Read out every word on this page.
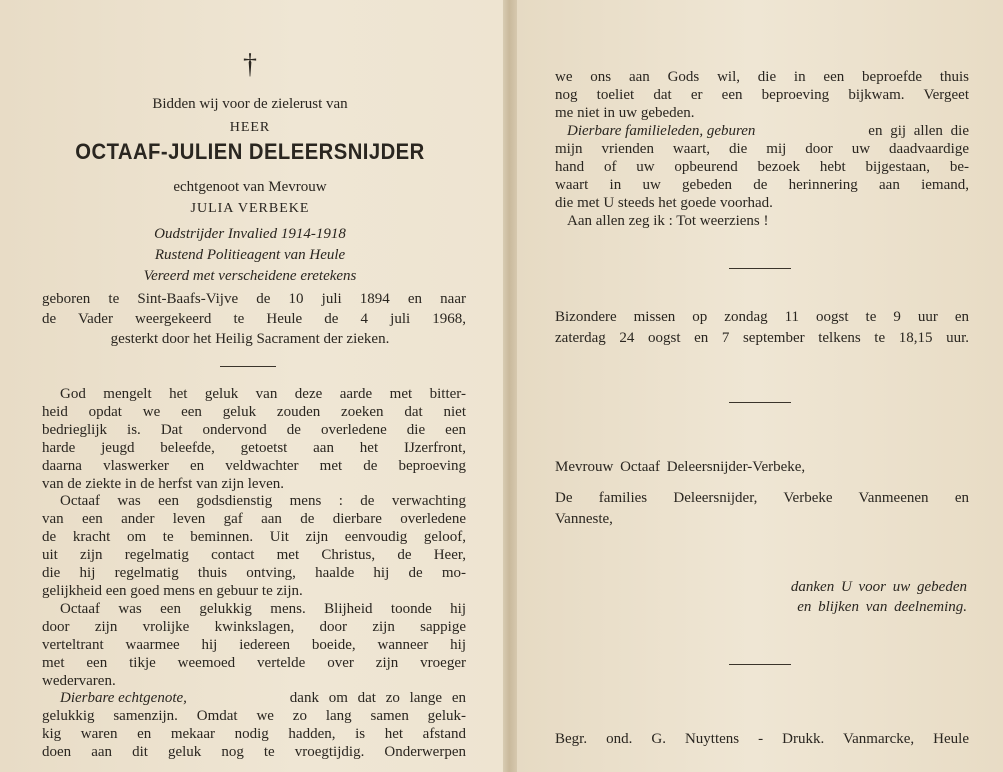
†
Bidden wij voor de zielerust van
HEER
OCTAAF-JULIEN DELEERSNIJDER
echtgenoot van Mevrouw
JULIA VERBEKE
Oudstrijder Invalied 1914-1918
Rustend Politieagent van Heule
Vereerd met verscheidene eretekens
geboren te Sint-Baafs-Vijve de 10 juli 1894 en naar
de Vader weergekeerd te Heule de 4 juli 1968,
gesterkt door het Heilig Sacrament der zieken.
God mengelt het geluk van deze aarde met bitter-
heid opdat we een geluk zouden zoeken dat niet
bedrieglijk is. Dat ondervond de overledene die een
harde jeugd beleefde, getoetst aan het IJzerfront,
daarna vlaswerker en veldwachter met de beproeving
van de ziekte in de herfst van zijn leven.
Octaaf was een godsdienstig mens : de verwachting
van een ander leven gaf aan de dierbare overledene
de kracht om te beminnen. Uit zijn eenvoudig geloof,
uit zijn regelmatig contact met Christus, de Heer,
die hij regelmatig thuis ontving, haalde hij de mo-
gelijkheid een goed mens en gebuur te zijn.
Octaaf was een gelukkig mens. Blijheid toonde hij
door zijn vrolijke kwinkslagen, door zijn sappige
verteltrant waarmee hij iedereen boeide, wanneer hij
met een tikje weemoed vertelde over zijn vroeger
wedervaren.
Dierbare echtgenote,	dank om dat zo lange en
gelukkig samenzijn. Omdat we zo lang samen geluk-
kig waren en mekaar nodig hadden, is het afstand
doen aan dit geluk nog te vroegtijdig. Onderwerpen
we ons aan Gods wil, die in een beproefde thuis
nog toeliet dat er een beproeving bijkwam. Vergeet
me niet in uw gebeden.
Dierbare familieleden, geburen	en gij allen die
mijn vrienden waart, die mij door uw daadvaardige
hand of uw opbeurend bezoek hebt bijgestaan, be-
waart in uw gebeden de herinnering aan iemand,
die met U steeds het goede voorhad.
Aan allen zeg ik : Tot weerziens !
Bizondere missen op zondag 11 oogst te 9 uur en
zaterdag 24 oogst en 7 september telkens te 18,15 uur.
Mevrouw Octaaf Deleersnijder-Verbeke,
De families Deleersnijder, Verbeke Vanmeenen en
Vanneste,
danken U voor uw gebeden
en blijken van deelneming.
Begr. ond. G. Nuyttens - Drukk. Vanmarcke, Heule
